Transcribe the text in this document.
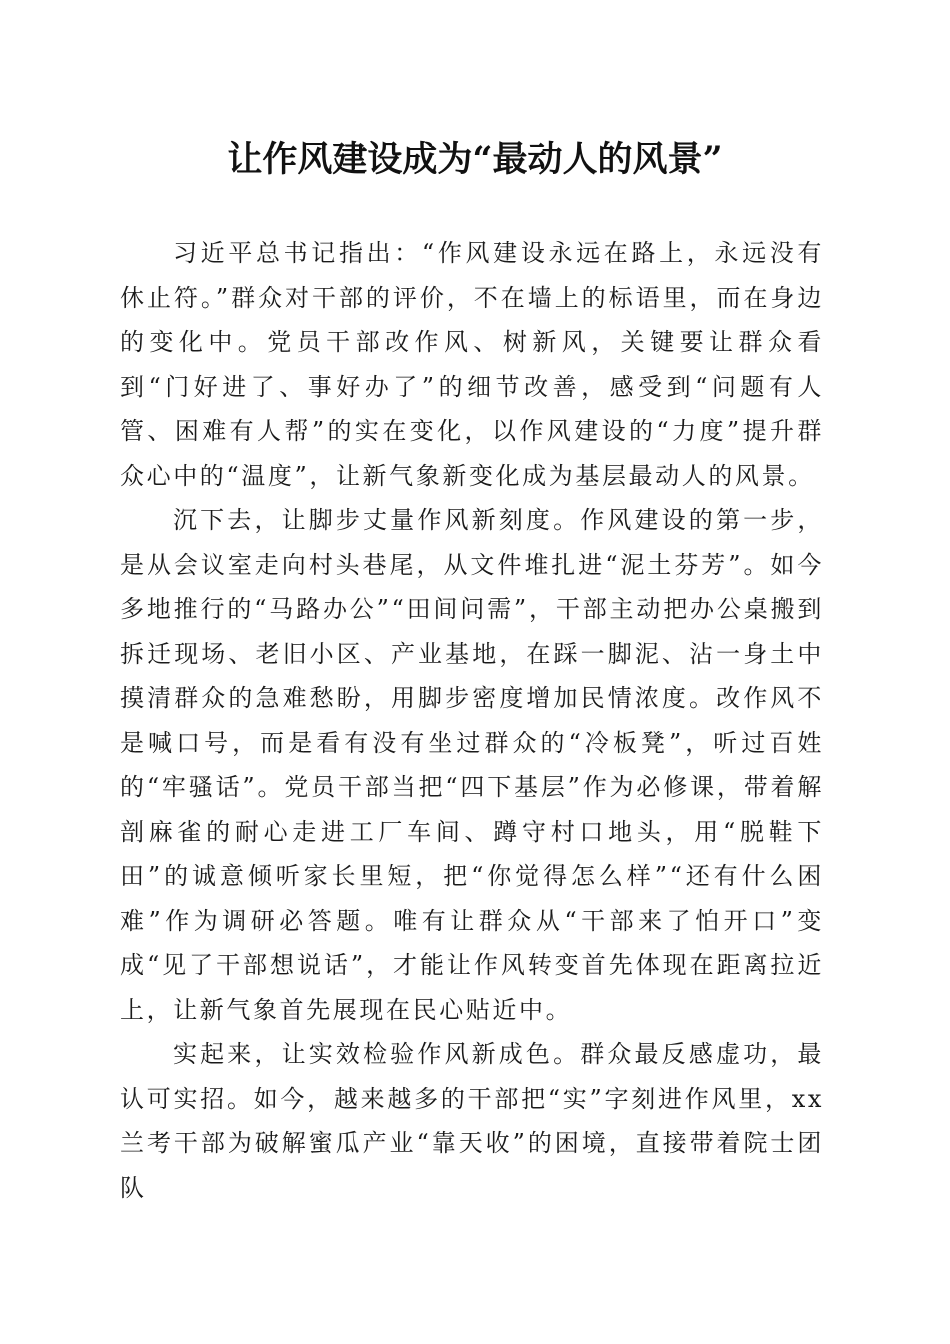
让作风建设成为“最动人的风景”

习近平总书记指出：“作风建设永远在路上，永远没有休止符。”群众对干部的评价，不在墙上的标语里，而在身边的变化中。党员干部改作风、树新风，关键要让群众看到“门好进了、事好办了”的细节改善，感受到“问题有人管、困难有人帮”的实在变化，以作风建设的“力度”提升群众心中的“温度”，让新气象新变化成为基层最动人的风景。

沉下去，让脚步丈量作风新刻度。作风建设的第一步，是从会议室走向村头巷尾，从文件堆扎进“泥土芬芳”。如今多地推行的“马路办公”“田间问需”，干部主动把办公桌搬到拆迁现场、老旧小区、产业基地，在踩一脚泥、沾一身土中摸清群众的急难愁盼，用脚步密度增加民情浓度。改作风不是喊口号，而是看有没有坐过群众的“冷板凳”，听过百姓的“牢骚话”。党员干部当把“四下基层”作为必修课，带着解剖麻雀的耐心走进工厂车间、蹲守村口地头，用“脱鞋下田”的诚意倾听家长里短，把“你觉得怎么样”“还有什么困难”作为调研必答题。唯有让群众从“干部来了怕开口”变成“见了干部想说话”，才能让作风转变首先体现在距离拉近上，让新气象首先展现在民心贴近中。

实起来，让实效检验作风新成色。群众最反感虚功，最认可实招。如今，越来越多的干部把“实”字刻进作风里，xx兰考干部为破解蜜瓜产业“靠天收”的困境，直接带着院士团队
